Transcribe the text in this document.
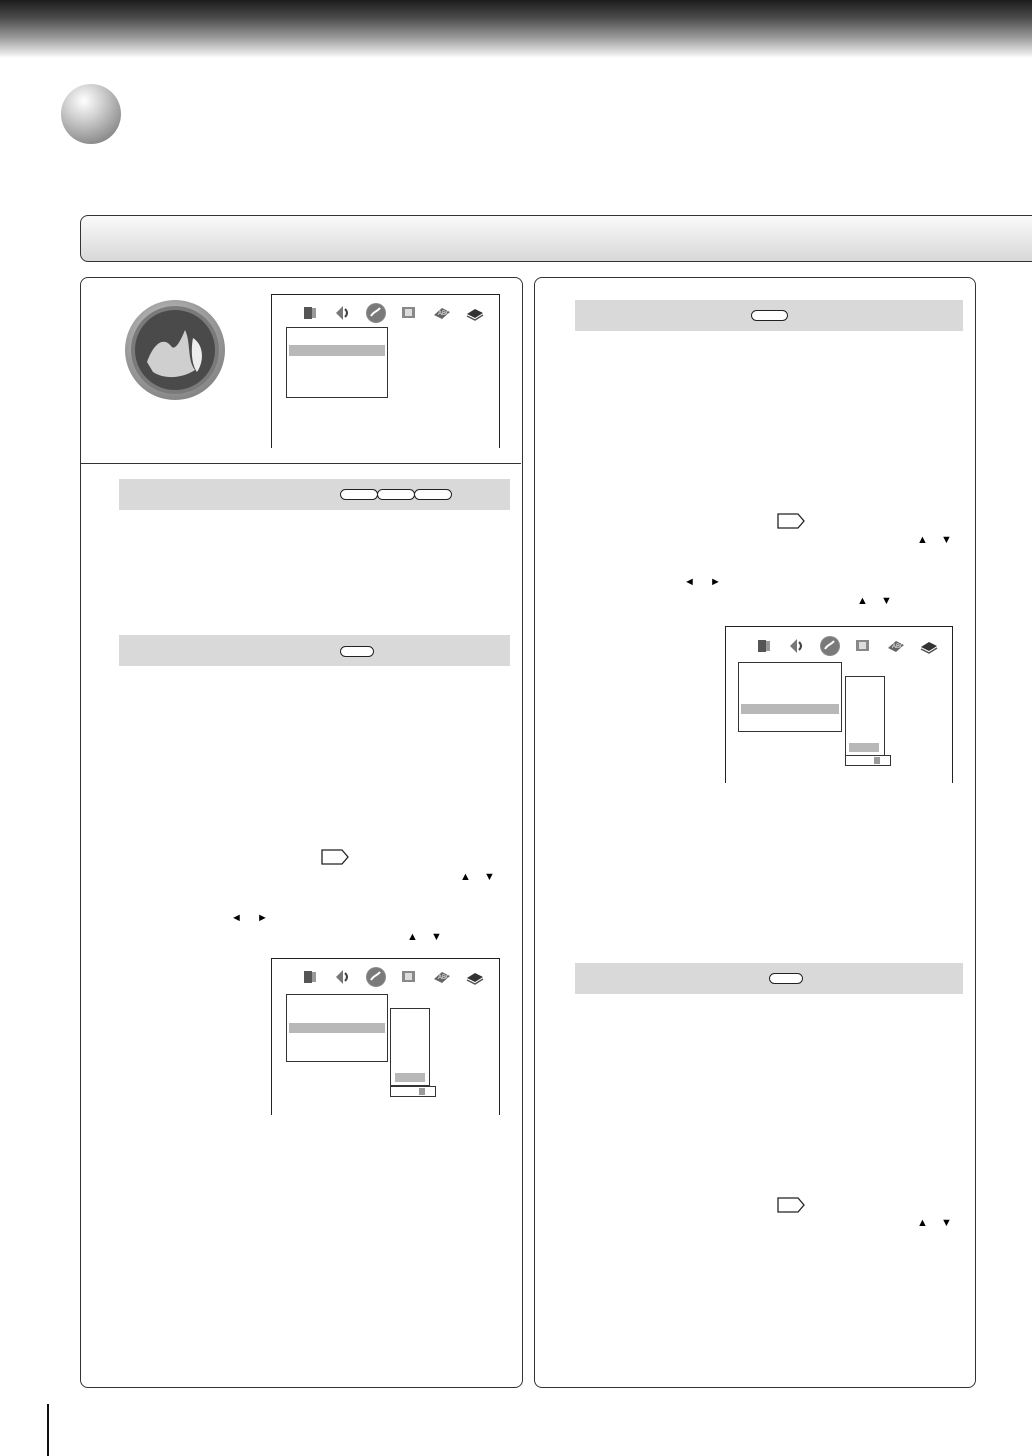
ABC
▲ ▼
◄ ►
▲ ▼
ABC
▲ ▼
◄ ►
▲ ▼
ABC
▲ ▼
